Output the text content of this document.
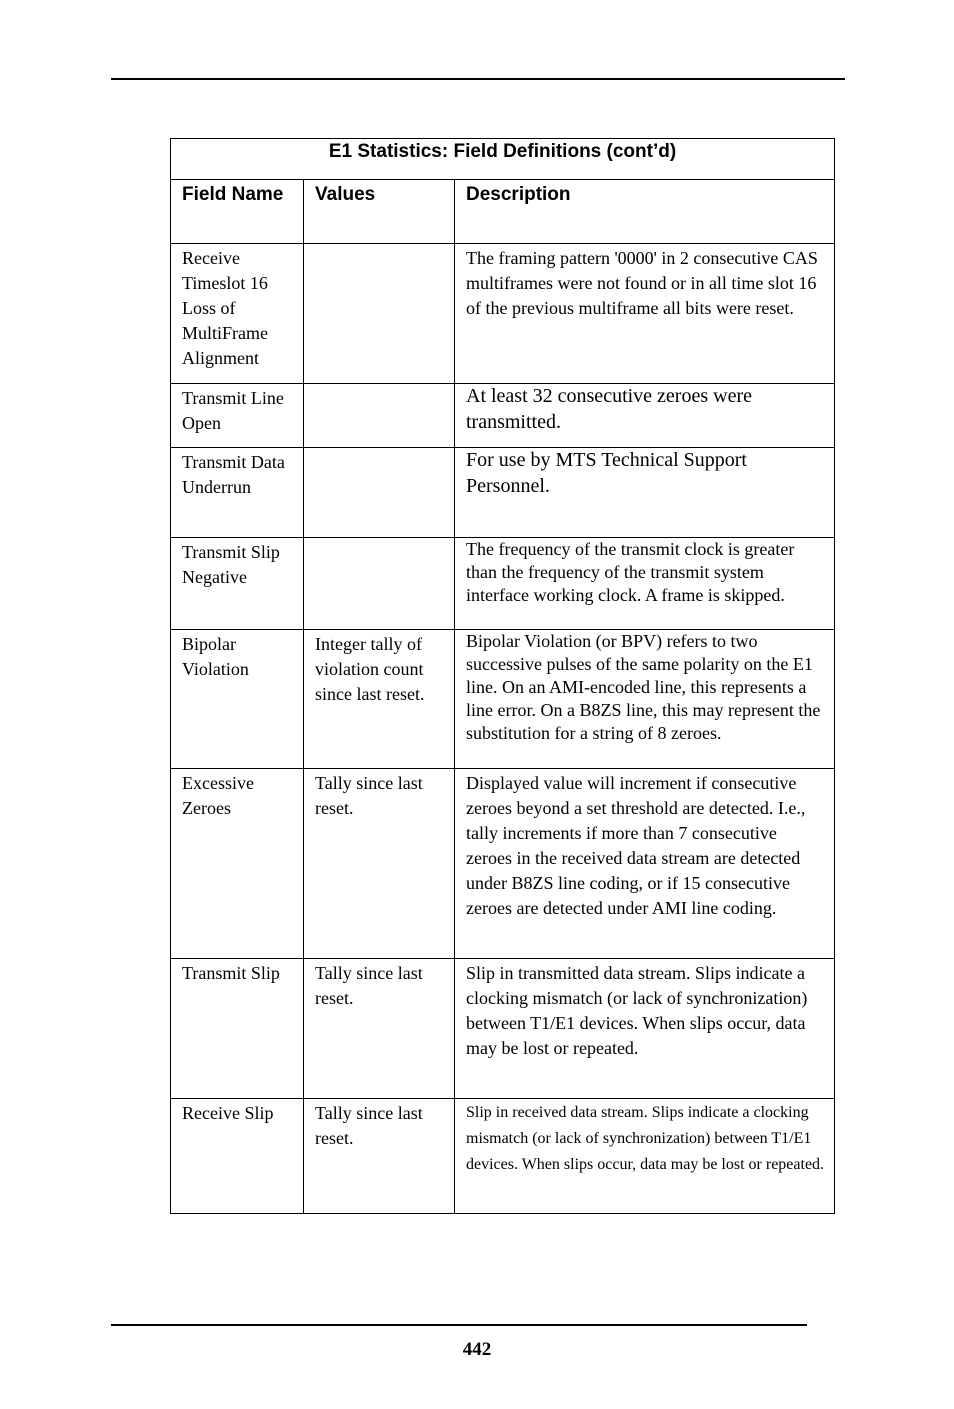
E1 Statistics: Field Definitions (cont’d)		
Field Name	Values	Description
Receive Timeslot 16 Loss of MultiFrame Alignment		The framing pattern '0000' in 2 consecutive CAS multiframes were not found or in all time slot 16 of the previous multiframe all bits were reset.
Transmit Line Open		At least 32 consecutive zeroes were transmitted.
Transmit Data Underrun		For use by MTS Technical Support Personnel.
Transmit Slip Negative		The frequency of the transmit clock is greater than the frequency of the transmit system interface working clock. A frame is skipped.
Bipolar Violation	Integer tally of violation count since last reset.	Bipolar Violation (or BPV) refers to two successive pulses of the same polarity on the E1 line. On an AMI-encoded line, this represents a line error. On a B8ZS line, this may represent the substitution for a string of 8 zeroes.
Excessive Zeroes	Tally since last reset.	Displayed value will increment if consecutive zeroes beyond a set threshold are detected. I.e., tally increments if more than 7 consecutive zeroes in the received data stream are detected under B8ZS line coding, or if 15 consecutive zeroes are detected under AMI line coding.
Transmit Slip	Tally since last reset.	Slip in transmitted data stream. Slips indicate a clocking mismatch (or lack of synchronization) between T1/E1 devices. When slips occur, data may be lost or repeated.
Receive Slip	Tally since last reset.	Slip in received data stream. Slips indicate a clocking mismatch (or lack of synchronization) between T1/E1 devices. When slips occur, data may be lost or repeated.
442
